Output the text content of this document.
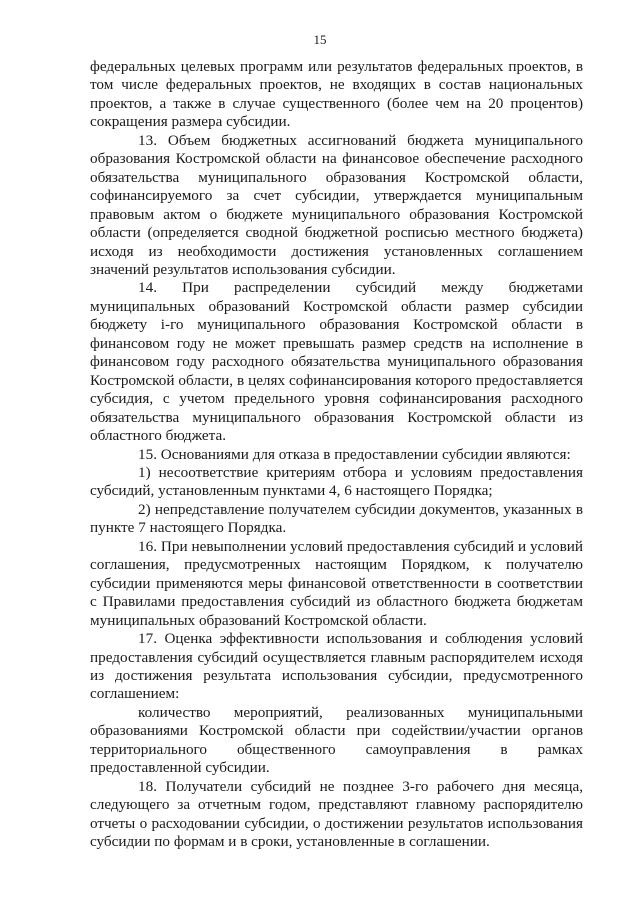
15

федеральных целевых программ или результатов федеральных проектов, в том числе федеральных проектов, не входящих в состав национальных проектов, а также в случае существенного (более чем на 20 процентов) сокращения размера субсидии.

13. Объем бюджетных ассигнований бюджета муниципального образования Костромской области на финансовое обеспечение расходного обязательства муниципального образования Костромской области, софинансируемого за счет субсидии, утверждается муниципальным правовым актом о бюджете муниципального образования Костромской области (определяется сводной бюджетной росписью местного бюджета) исходя из необходимости достижения установленных соглашением значений результатов использования субсидии.

14. При распределении субсидий между бюджетами муниципальных образований Костромской области размер субсидии бюджету i-го муниципального образования Костромской области в финансовом году не может превышать размер средств на исполнение в финансовом году расходного обязательства муниципального образования Костромской области, в целях софинансирования которого предоставляется субсидия, с учетом предельного уровня софинансирования расходного обязательства муниципального образования Костромской области из областного бюджета.

15. Основаниями для отказа в предоставлении субсидии являются:

1) несоответствие критериям отбора и условиям предоставления субсидий, установленным пунктами 4, 6 настоящего Порядка;

2) непредставление получателем субсидии документов, указанных в пункте 7 настоящего Порядка.

16. При невыполнении условий предоставления субсидий и условий соглашения, предусмотренных настоящим Порядком, к получателю субсидии применяются меры финансовой ответственности в соответствии с Правилами предоставления субсидий из областного бюджета бюджетам муниципальных образований Костромской области.

17. Оценка эффективности использования и соблюдения условий предоставления субсидий осуществляется главным распорядителем исходя из достижения результата использования субсидии, предусмотренного соглашением:

количество мероприятий, реализованных муниципальными образованиями Костромской области при содействии/участии органов территориального общественного самоуправления в рамках предоставленной субсидии.

18. Получатели субсидий не позднее 3-го рабочего дня месяца, следующего за отчетным годом, представляют главному распорядителю отчеты о расходовании субсидии, о достижении результатов использования субсидии по формам и в сроки, установленные в соглашении.
